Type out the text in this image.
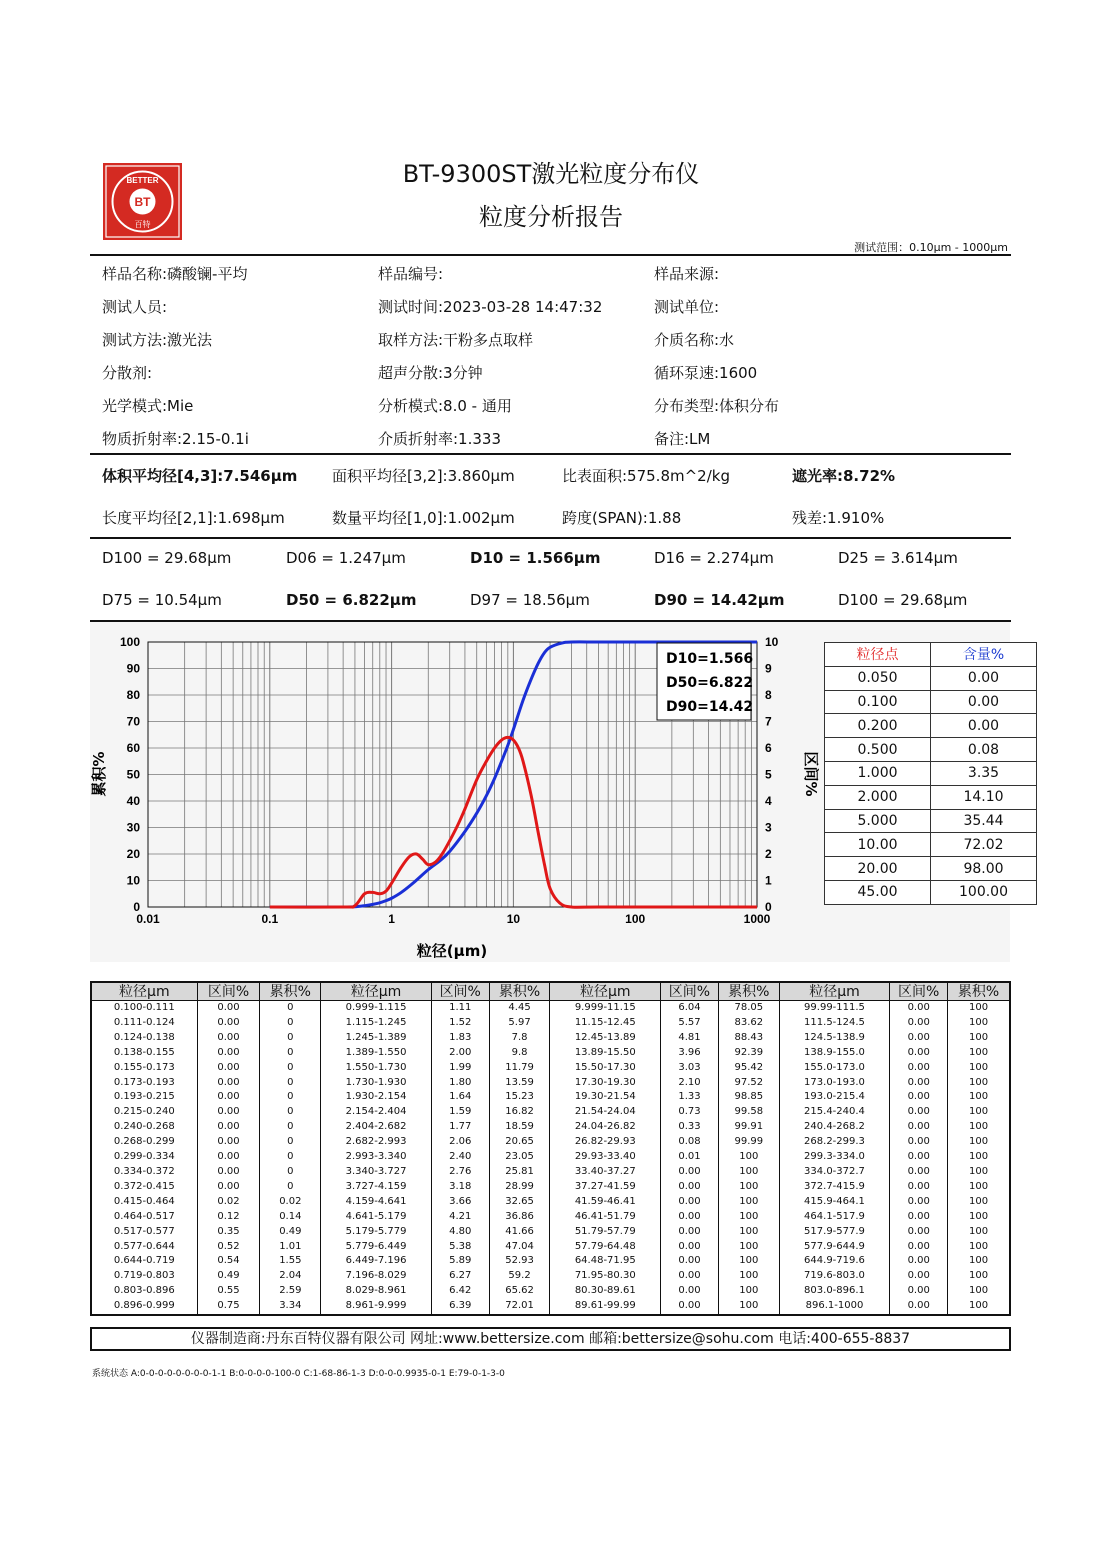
BT
BETTER
百特
BT-9300ST激光粒度分布仪
粒度分析报告
测试范围：0.10μm - 1000μm
样品名称:磷酸镧-平均	样品编号:	样品来源:
测试人员:	测试时间:2023-03-28 14:47:32	测试单位:
测试方法:激光法	取样方法:干粉多点取样	介质名称:水
分散剂:	超声分散:3分钟	循环泵速:1600
光学模式:Mie	分析模式:8.0 - 通用	分布类型:体积分布
物质折射率:2.15-0.1i	介质折射率:1.333	备注:LM
体积平均径[4,3]:7.546μm 面积平均径[3,2]:3.860μm	比表面积:575.8m^2/kg	遮光率:8.72%
长度平均径[2,1]:1.698μm	数量平均径[1,0]:1.002μm	跨度(SPAN):1.88	残差:1.910%
D100 = 29.68μm	D06 = 1.247μm	D10 = 1.566μm	D16 = 2.274μm	D25 = 3.614μm
D75 = 10.54μm	D50 = 6.822μm	D97 = 18.56μm	D90 = 14.42μm	D100 = 29.68μm
0
10
20
30
40
50
60
70
80
90
100
0
1
2
3
4
5
6
7
8
9
10
0.01	0.1	1	10	100	1000
D10=1.566
D50=6.822
D90=14.42
累积%	区间%
粒径(μm)
粒径点	含量%
0.050	0.00
0.100	0.00
0.200	0.00
0.500	0.08
1.000	3.35
2.000	14.10
5.000	35.44
10.00	72.02
20.00	98.00
45.00	100.00
粒径μm	区间%	累积%	粒径μm	区间%	累积%	粒径μm	区间%	累积%	粒径μm	区间%	累积%
0.100-0.111	0.00	0	0.999-1.115	1.11	4.45	9.999-11.15	6.04	78.05	99.99-111.5	0.00	100
0.111-0.124	0.00	0	1.115-1.245	1.52	5.97	11.15-12.45	5.57	83.62	111.5-124.5	0.00	100
0.124-0.138	0.00	0	1.245-1.389	1.83	7.8	12.45-13.89	4.81	88.43	124.5-138.9	0.00	100
0.138-0.155	0.00	0	1.389-1.550	2.00	9.8	13.89-15.50	3.96	92.39	138.9-155.0	0.00	100
0.155-0.173	0.00	0	1.550-1.730	1.99	11.79	15.50-17.30	3.03	95.42	155.0-173.0	0.00	100
0.173-0.193	0.00	0	1.730-1.930	1.80	13.59	17.30-19.30	2.10	97.52	173.0-193.0	0.00	100
0.193-0.215	0.00	0	1.930-2.154	1.64	15.23	19.30-21.54	1.33	98.85	193.0-215.4	0.00	100
0.215-0.240	0.00	0	2.154-2.404	1.59	16.82	21.54-24.04	0.73	99.58	215.4-240.4	0.00	100
0.240-0.268	0.00	0	2.404-2.682	1.77	18.59	24.04-26.82	0.33	99.91	240.4-268.2	0.00	100
0.268-0.299	0.00	0	2.682-2.993	2.06	20.65	26.82-29.93	0.08	99.99	268.2-299.3	0.00	100
0.299-0.334	0.00	0	2.993-3.340	2.40	23.05	29.93-33.40	0.01	100	299.3-334.0	0.00	100
0.334-0.372	0.00	0	3.340-3.727	2.76	25.81	33.40-37.27	0.00	100	334.0-372.7	0.00	100
0.372-0.415	0.00	0	3.727-4.159	3.18	28.99	37.27-41.59	0.00	100	372.7-415.9	0.00	100
0.415-0.464	0.02	0.02	4.159-4.641	3.66	32.65	41.59-46.41	0.00	100	415.9-464.1	0.00	100
0.464-0.517	0.12	0.14	4.641-5.179	4.21	36.86	46.41-51.79	0.00	100	464.1-517.9	0.00	100
0.517-0.577	0.35	0.49	5.179-5.779	4.80	41.66	51.79-57.79	0.00	100	517.9-577.9	0.00	100
0.577-0.644	0.52	1.01	5.779-6.449	5.38	47.04	57.79-64.48	0.00	100	577.9-644.9	0.00	100
0.644-0.719	0.54	1.55	6.449-7.196	5.89	52.93	64.48-71.95	0.00	100	644.9-719.6	0.00	100
0.719-0.803	0.49	2.04	7.196-8.029	6.27	59.2	71.95-80.30	0.00	100	719.6-803.0	0.00	100
0.803-0.896	0.55	2.59	8.029-8.961	6.42	65.62	80.30-89.61	0.00	100	803.0-896.1	0.00	100
0.896-0.999	0.75	3.34	8.961-9.999	6.39	72.01	89.61-99.99	0.00	100	896.1-1000	0.00	100
仪器制造商:丹东百特仪器有限公司 网址:www.bettersize.com 邮箱:bettersize@sohu.com 电话:400-655-8837
系统状态 A:0-0-0-0-0-0-0-0-1-1 B:0-0-0-0-100-0 C:1-68-86-1-3 D:0-0-0.9935-0-1 E:79-0-1-3-0
